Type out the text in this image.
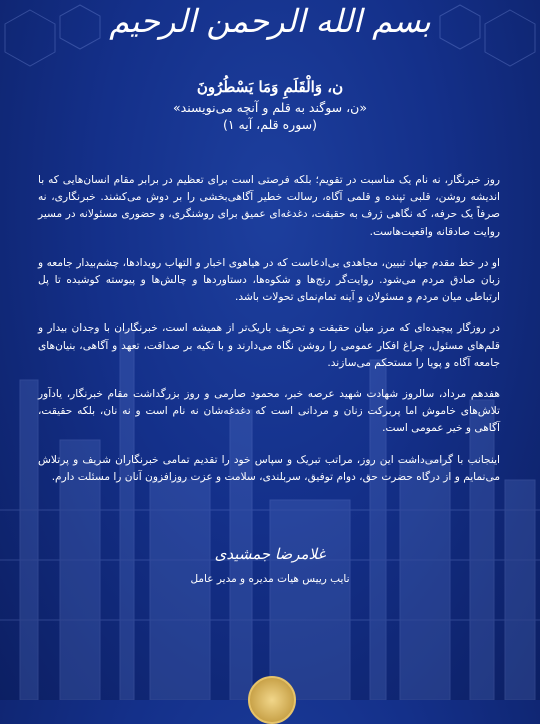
بسم الله الرحمن الرحیم
ن، وَالْقَلَمِ وَمَا یَسْطُرُونَ
«ن، سوگند به قلم و آنچه می‌نویسند»
(سوره قلم، آیه ۱)

روز خبرنگار، نه نام یک مناسبت در تقویم؛ بلکه فرصتی است برای تعظیم در برابر مقام انسان‌هایی که با اندیشه روشن، قلبی تپنده و قلمی آگاه، رسالت خطیر آگاهی‌بخشی را بر دوش می‌کشند. خبرنگاری، نه صرفاً یک حرفه، که نگاهی ژرف به حقیقت، دغدغه‌ای عمیق برای روشنگری، و حضوری مسئولانه در مسیر روایت صادقانه واقعیت‌هاست.

او در خط مقدم جهاد تبیین، مجاهدی بی‌ادعاست که در هیاهوی اخبار و التهاب رویدادها، چشم‌بیدار جامعه و زبان صادق مردم می‌شود. روایت‌گر رنج‌ها و شکوه‌ها، دستاوردها و چالش‌ها و پیوسته کوشیده تا پل ارتباطی میان مردم و مسئولان و آینه تمام‌نمای تحولات باشد.

در روزگار پیچیده‌ای که مرز میان حقیقت و تحریف باریک‌تر از همیشه است، خبرنگاران با وجدان بیدار و قلم‌های مسئول، چراغ افکار عمومی را روشن نگاه می‌دارند و با تکیه بر صداقت، تعهد و آگاهی، بنیان‌های جامعه آگاه و پویا را مستحکم می‌سازند.

هفدهم مرداد، سالروز شهادت شهید عرصه خبر، محمود صارمی و روز بزرگداشت مقام خبرنگار، یادآور تلاش‌های خاموش اما پربرکت زنان و مردانی است که دغدغه‌شان نه نام است و نه نان، بلکه حقیقت، آگاهی و خیر عمومی است.

اینجانب با گرامی‌داشت این روز، مراتب تبریک و سپاس خود را تقدیم تمامی خبرنگاران شریف و پرتلاش می‌نمایم و از درگاه حضرت حق، دوام توفیق، سربلندی، سلامت و عزت روزافزون آنان را مسئلت دارم.

غلامرضا جمشیدی
نایب رییس هیات مدیره و مدیر عامل
